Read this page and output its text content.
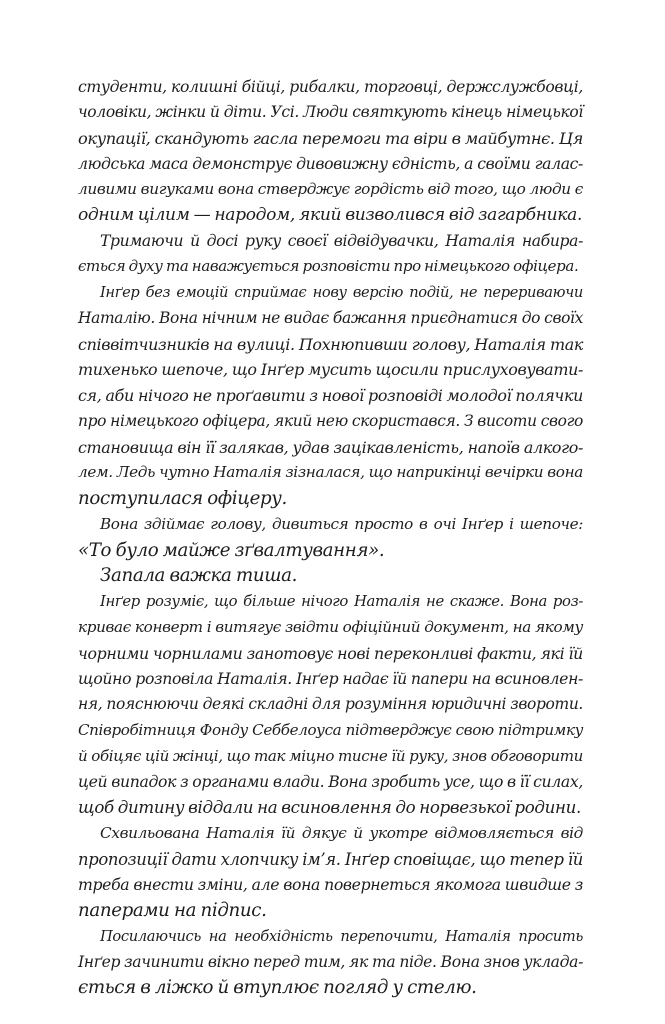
студенти, колишні бійці, рибалки, торговці, держслужбовці,
чоловіки, жінки й діти. Усі. Люди святкують кінець німецької
окупації, скандують гасла перемоги та віри в майбутнє. Ця
людська маса демонструє дивовижну єдність, а своїми галас-
ливими вигуками вона стверджує гордість від того, що люди є
одним цілим — народом, який визволився від загарбника.

Тримаючи й досі руку своєї відвідувачки, Наталія набира-
ється духу та наважується розповісти про німецького офіцера.

Інґер без емоцій сприймає нову версію подій, не перериваючи
Наталію. Вона нічним не видає бажання приєднатися до своїх
співвітчизників на вулиці. Похнюпивши голову, Наталія так
тихенько шепоче, що Інґер мусить щосили прислуховувати-
ся, аби нічого не проґавити з нової розповіді молодої полячки
про німецького офіцера, який нею скористався. З висоти свого
становища він її залякав, удав зацікавленість, напоїв алкого-
лем. Ледь чутно Наталія зізналася, що наприкінці вечірки вона
поступилася офіцеру.

Вона здіймає голову, дивиться просто в очі Інґер і шепоче:
«То було майже зґвалтування».

Запала важка тиша.

Інґер розуміє, що більше нічого Наталія не скаже. Вона роз-
криває конверт і витягує звідти офіційний документ, на якому
чорними чорнилами занотовує нові переконливі факти, які їй
щойно розповіла Наталія. Інґер надає їй папери на всиновлен-
ня, пояснюючи деякі складні для розуміння юридичні звороти.
Співробітниця Фонду Себбелоуса підтверджує свою підтримку
й обіцяє цій жінці, що так міцно тисне їй руку, знов обговорити
цей випадок з органами влади. Вона зробить усе, що в її силах,
щоб дитину віддали на всиновлення до норвезької родини.

Схвильована Наталія їй дякує й укотре відмовляється від
пропозиції дати хлопчику ім’я. Інґер сповіщає, що тепер їй
треба внести зміни, але вона повернеться якомога швидше з
паперами на підпис.

Посилаючись на необхідність перепочити, Наталія просить
Інґер зачинити вікно перед тим, як та піде. Вона знов уклада-
ється в ліжко й втуплює погляд у стелю.
